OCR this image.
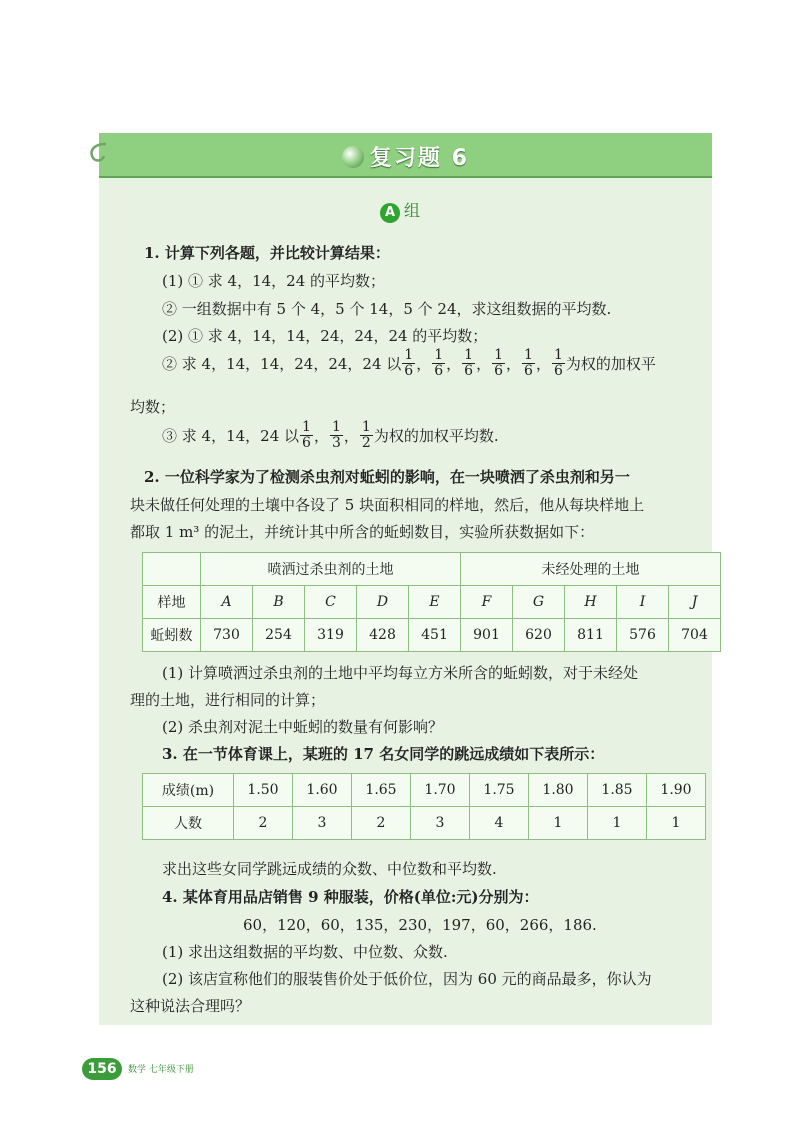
复习题 6
A 组
1. 计算下列各题，并比较计算结果：
(1) ① 求 4，14，24 的平均数；
② 一组数据中有 5 个 4，5 个 14，5 个 24，求这组数据的平均数.
(2) ① 求 4，14，14，24，24，24 的平均数；
② 求 4，14，14，24，24，24 以 $\frac{1}{6}$ ， $\frac{1}{6}$ ， $\frac{1}{6}$ ， $\frac{1}{6}$ ， $\frac{1}{6}$ ， $\frac{1}{6}$ 为权的加权平
均数；
③ 求 4，14，24 以 $\frac{1}{6}$ ， $\frac{1}{3}$ ， $\frac{1}{2}$ 为权的加权平均数.
2. 一位科学家为了检测杀虫剂对蚯蚓的影响，在一块喷洒了杀虫剂和另一
块未做任何处理的土壤中各设了 5 块面积相同的样地，然后，他从每块样地上
都取 1 m³ 的泥土，并统计其中所含的蚯蚓数目，实验所获数据如下：
	喷洒过杀虫剂的土地					未经处理的土地				
样地	A	B	C	D	E	F	G	H	I	J
蚯蚓数	730	254	319	428	451	901	620	811	576	704
(1) 计算喷洒过杀虫剂的土地中平均每立方米所含的蚯蚓数，对于未经处
理的土地，进行相同的计算；
(2) 杀虫剂对泥土中蚯蚓的数量有何影响？
3. 在一节体育课上，某班的 17 名女同学的跳远成绩如下表所示：
成绩(m)	1.50	1.60	1.65	1.70	1.75	1.80	1.85	1.90
人数	2	3	2	3	4	1	1	1
求出这些女同学跳远成绩的众数、中位数和平均数.
4. 某体育用品店销售 9 种服装，价格(单位:元)分别为：
60，120，60，135，230，197，60，266，186.
(1) 求出这组数据的平均数、中位数、众数.
(2) 该店宣称他们的服装售价处于低价位，因为 60 元的商品最多，你认为
这种说法合理吗？
156	数学 七年级下册
